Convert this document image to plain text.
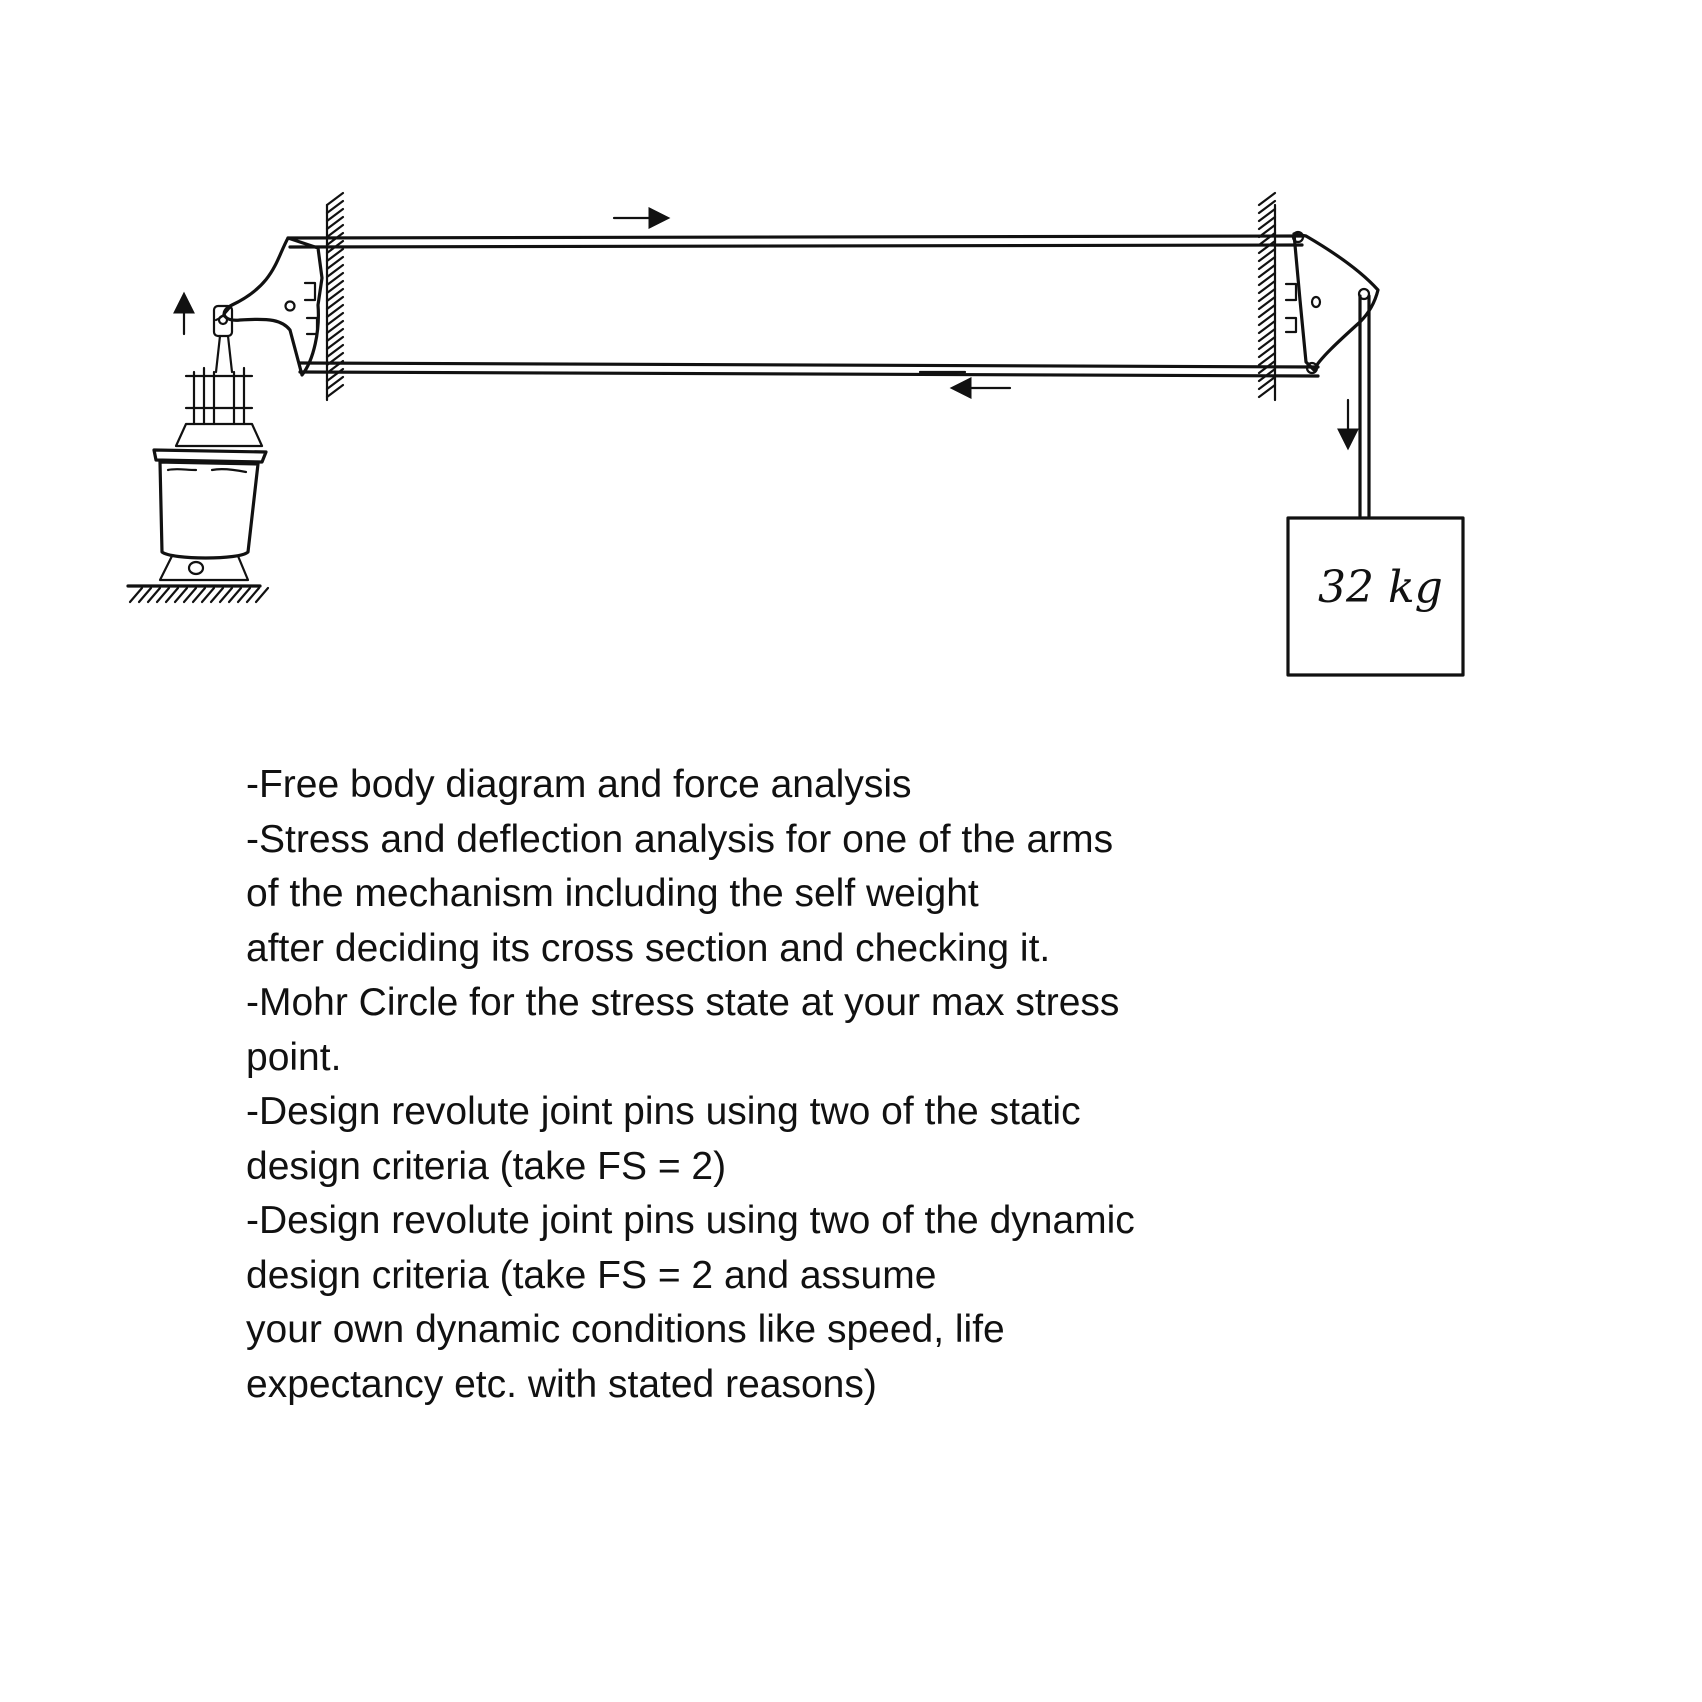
32 kg
-Free body diagram and force analysis
-Stress and deflection analysis for one of the arms
of the mechanism including the self weight
after deciding its cross section and checking it.
-Mohr Circle for the stress state at your max stress
point.
-Design revolute joint pins using two of the static
design criteria (take FS = 2)
-Design revolute joint pins using two of the dynamic
design criteria (take FS = 2 and assume
your own dynamic conditions like speed, life
expectancy etc. with stated reasons)
